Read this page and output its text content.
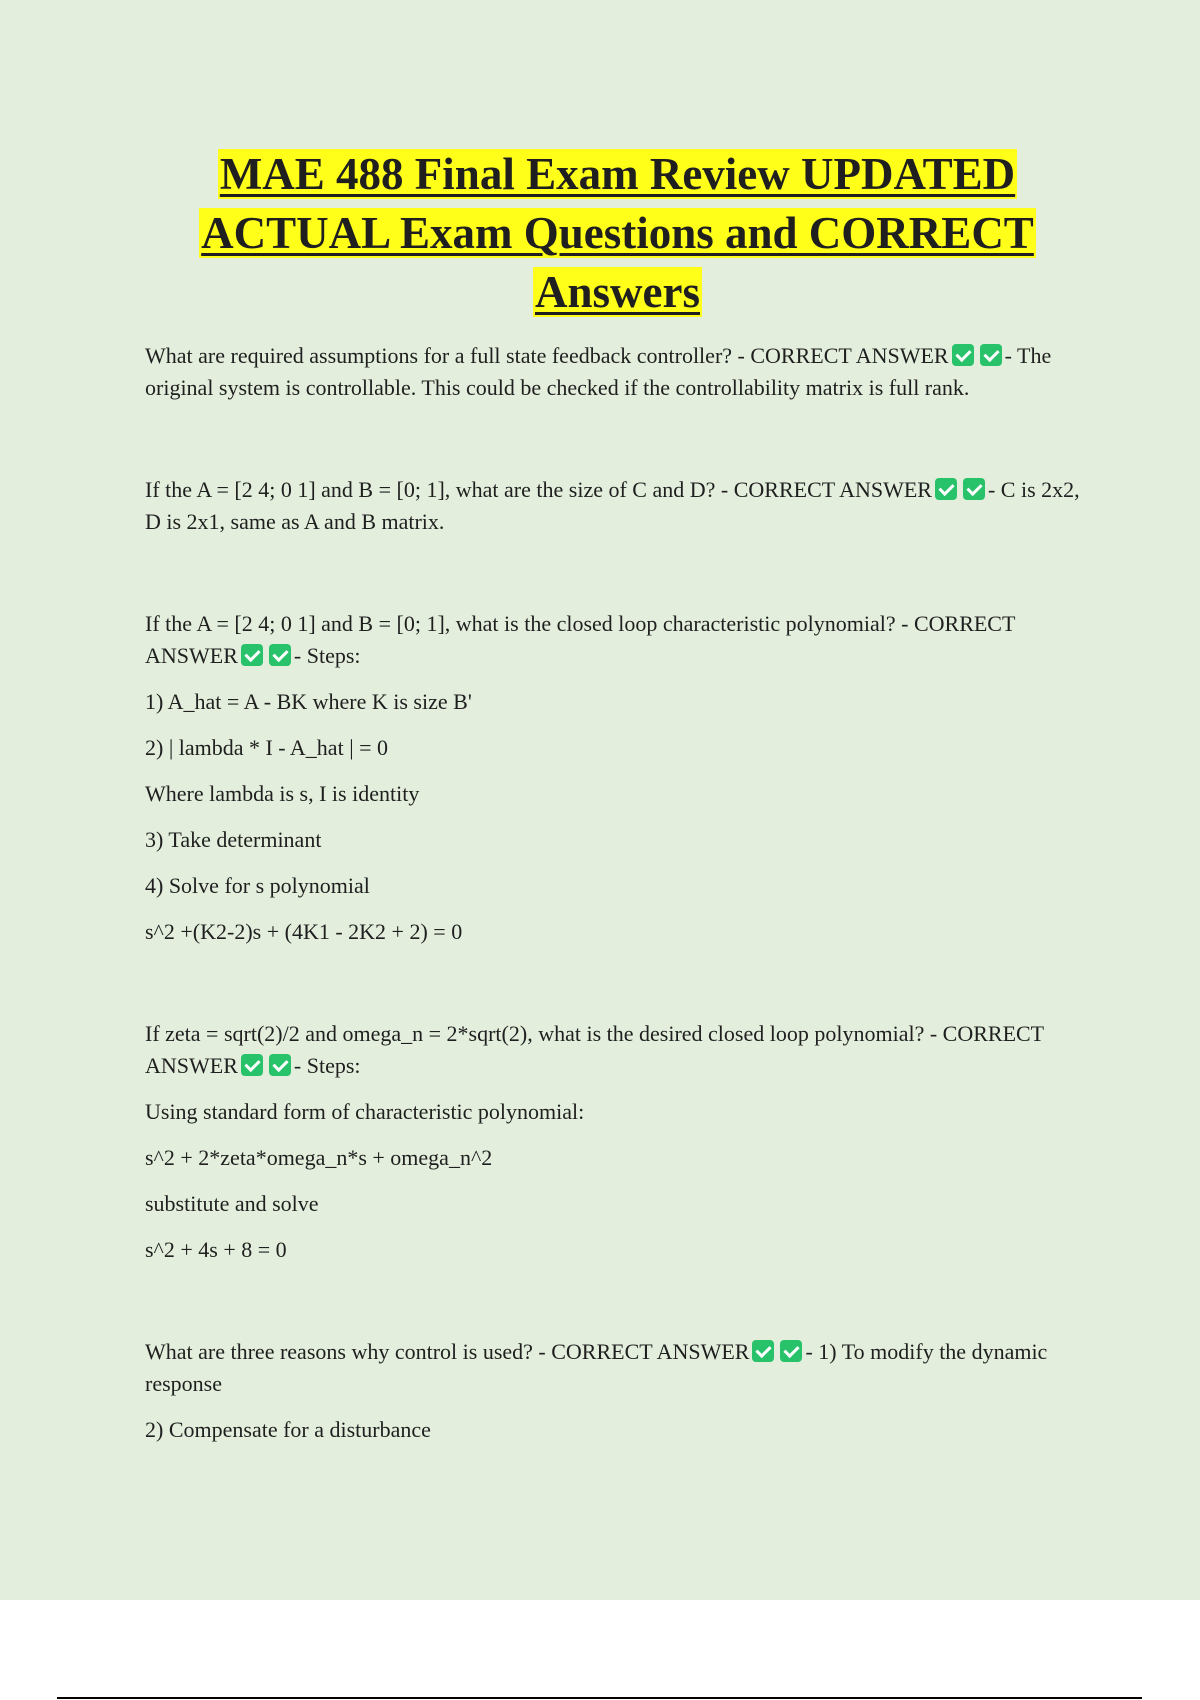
MAE 488 Final Exam Review UPDATED
ACTUAL Exam Questions and CORRECT
Answers

What are required assumptions for a full state feedback controller? - CORRECT ANSWER	- The original system is controllable. This could be checked if the controllability matrix is full rank.

If the A = [2 4; 0 1] and B = [0; 1], what are the size of C and D? - CORRECT ANSWER	- C is 2x2, D is 2x1, same as A and B matrix.

If the A = [2 4; 0 1] and B = [0; 1], what is the closed loop characteristic polynomial? - CORRECT ANSWER	- Steps:

1) A_hat = A - BK where K is size B'

2) | lambda * I - A_hat | = 0

Where lambda is s, I is identity

3) Take determinant

4) Solve for s polynomial

s^2 +(K2-2)s + (4K1 - 2K2 + 2) = 0

If zeta = sqrt(2)/2 and omega_n = 2*sqrt(2), what is the desired closed loop polynomial? - CORRECT ANSWER	- Steps:

Using standard form of characteristic polynomial:

s^2 + 2*zeta*omega_n*s + omega_n^2

substitute and solve

s^2 + 4s + 8 = 0

What are three reasons why control is used? - CORRECT ANSWER	- 1) To modify the dynamic response

2) Compensate for a disturbance
